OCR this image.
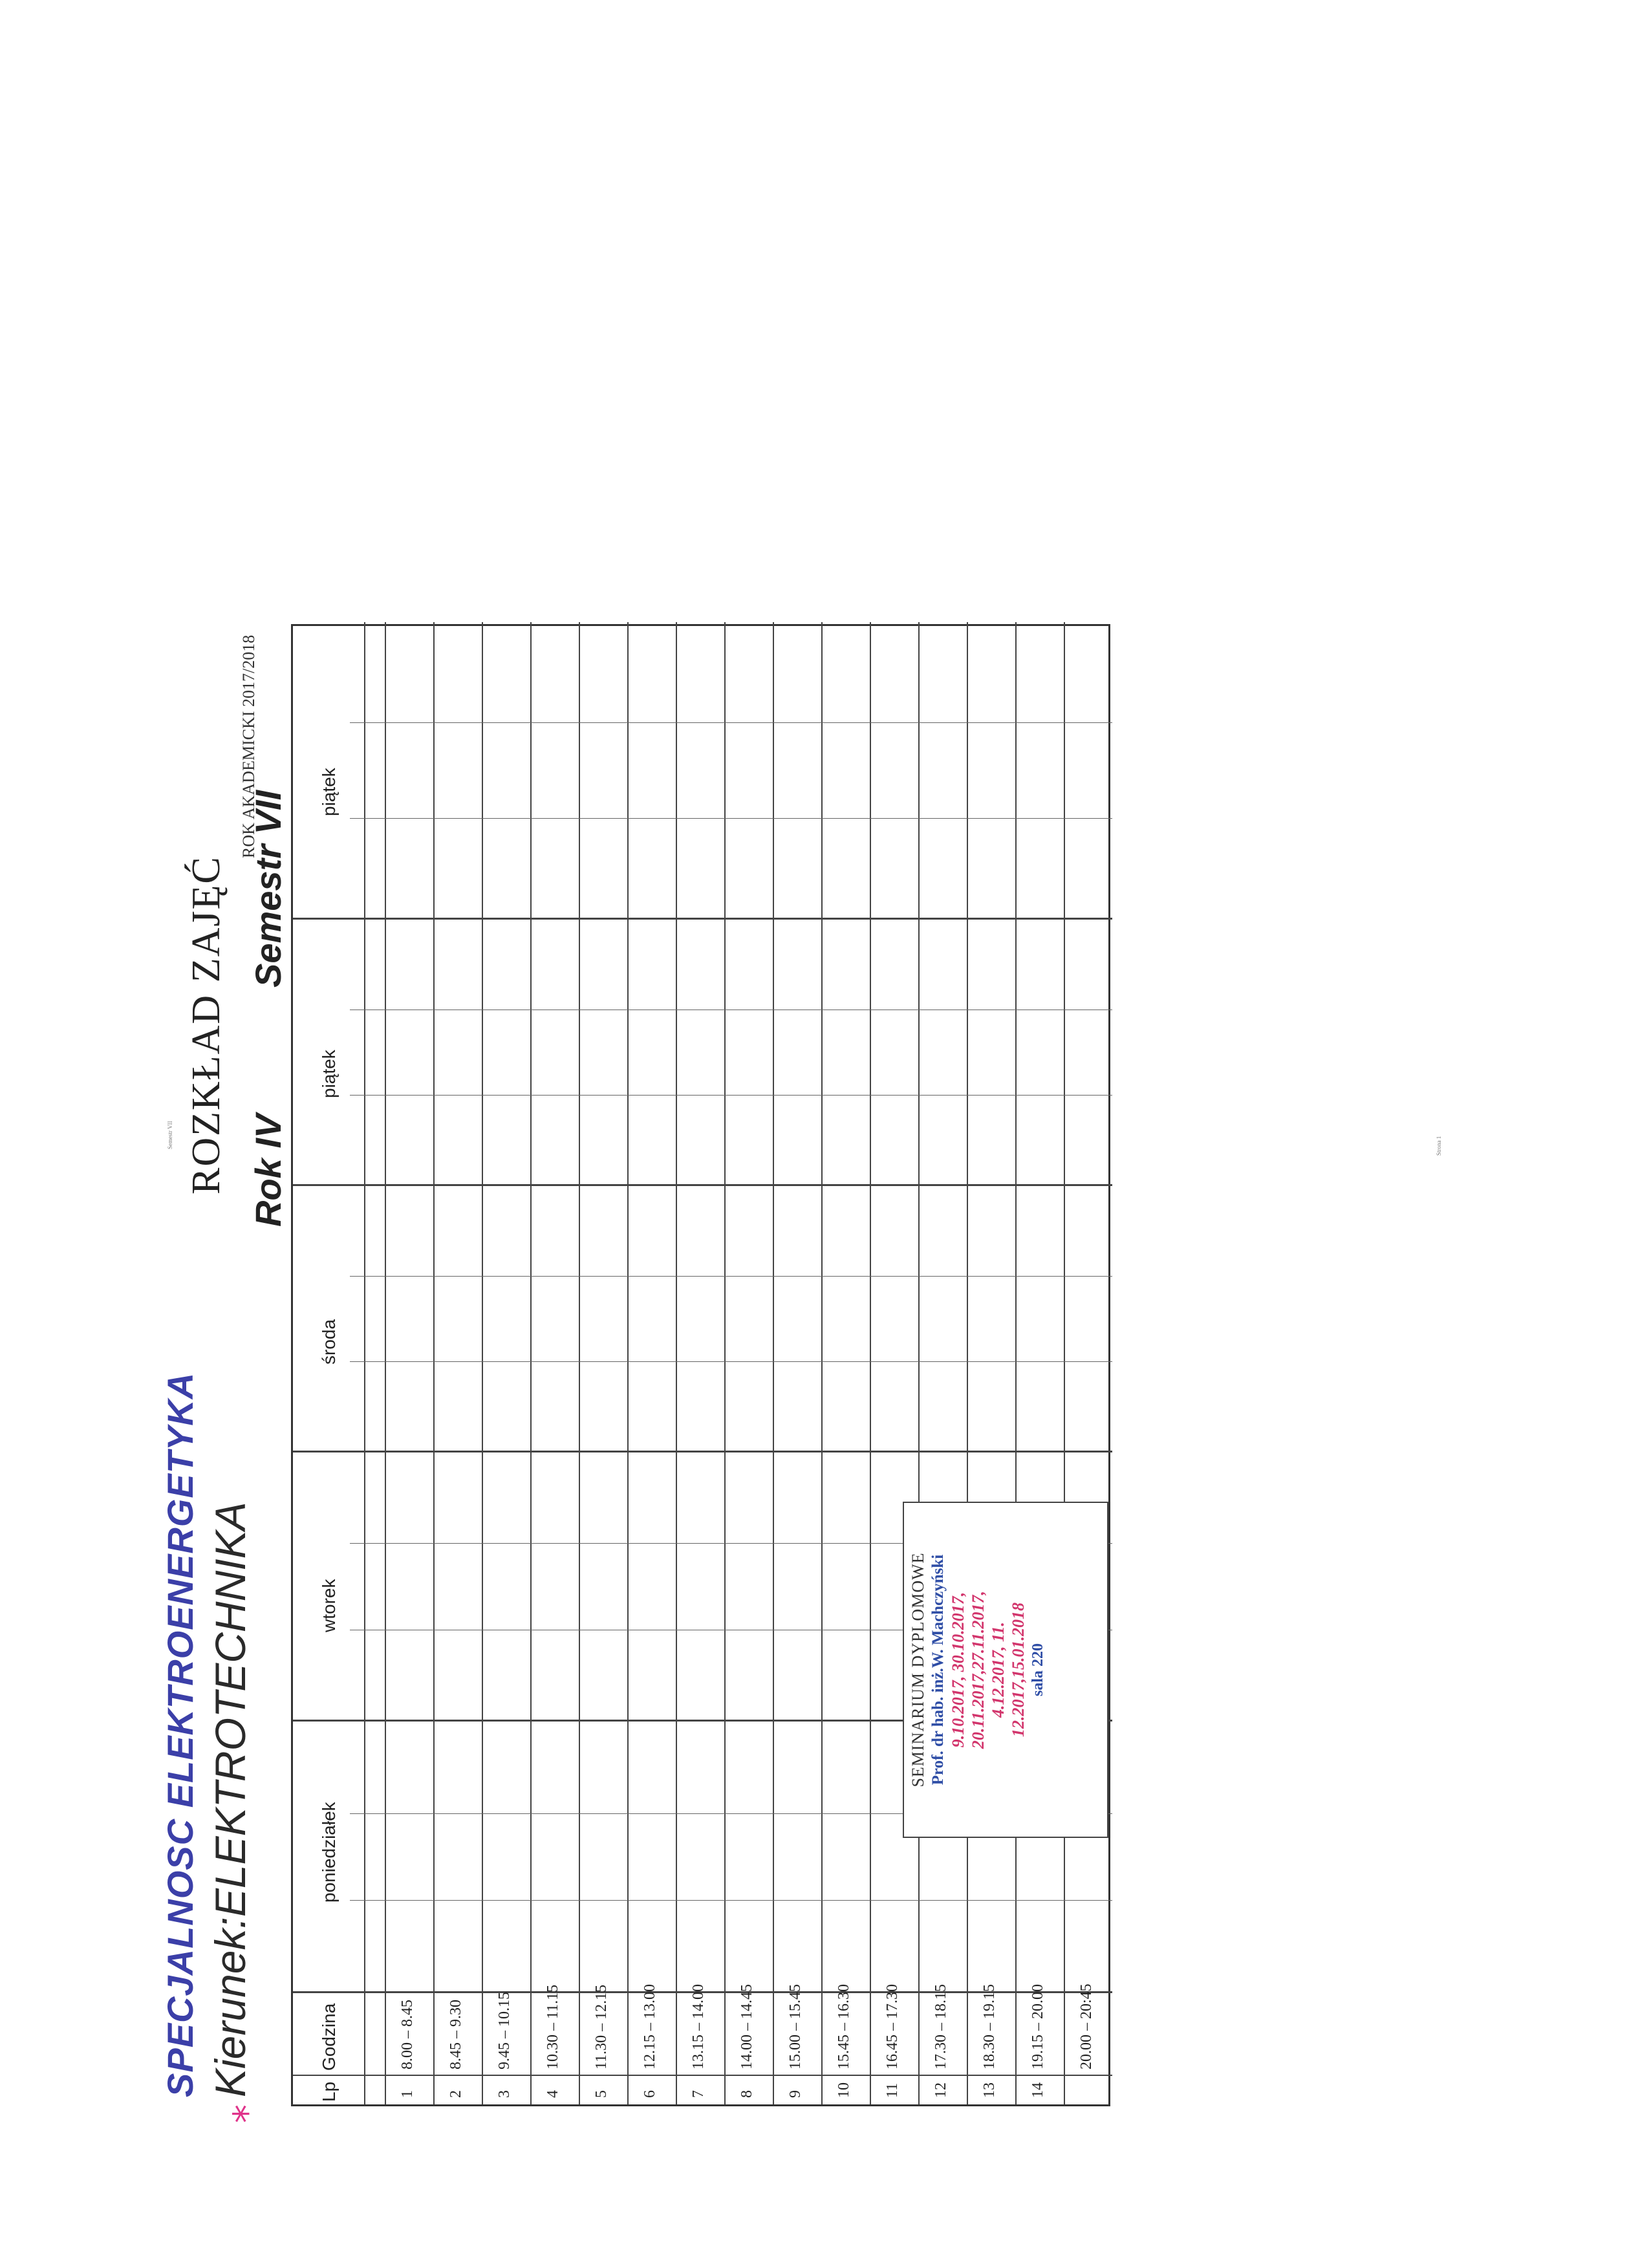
Semestr VII	Strona 1
SPECJALNOSC ELEKTROENERGETYKA Kierunek:ELEKTROTECHNIKA
ROZKŁAD ZAJĘĆ Rok IV
Semestr VII
ROK AKADEMICKI 2017/2018
Lp
Godzina
poniedziałek
wtorek
środa
piątek
piątek
1
8.00 – 8.45
2
8.45 – 9.30
3
9.45 – 10.15
4
10.30 – 11.15
5
11.30 – 12.15
6
12.15 – 13.00
7
13.15 – 14.00
8
14.00 – 14.45
9
15.00 – 15.45
10
15.45 – 16.30
11
16.45 – 17.30
12
17.30 – 18.15
13
18.30 – 19.15
14
19.15 – 20.00 20.00 – 20:45
SEMINARIUM DYPLOMOWE Prof. dr hab. inż.W. Machczyński 9.10.2017, 30.10.2017, 20.11.2017,27.11.2017, 4.12.2017, 11. 12.2017,15.01.2018 sala 220
*
